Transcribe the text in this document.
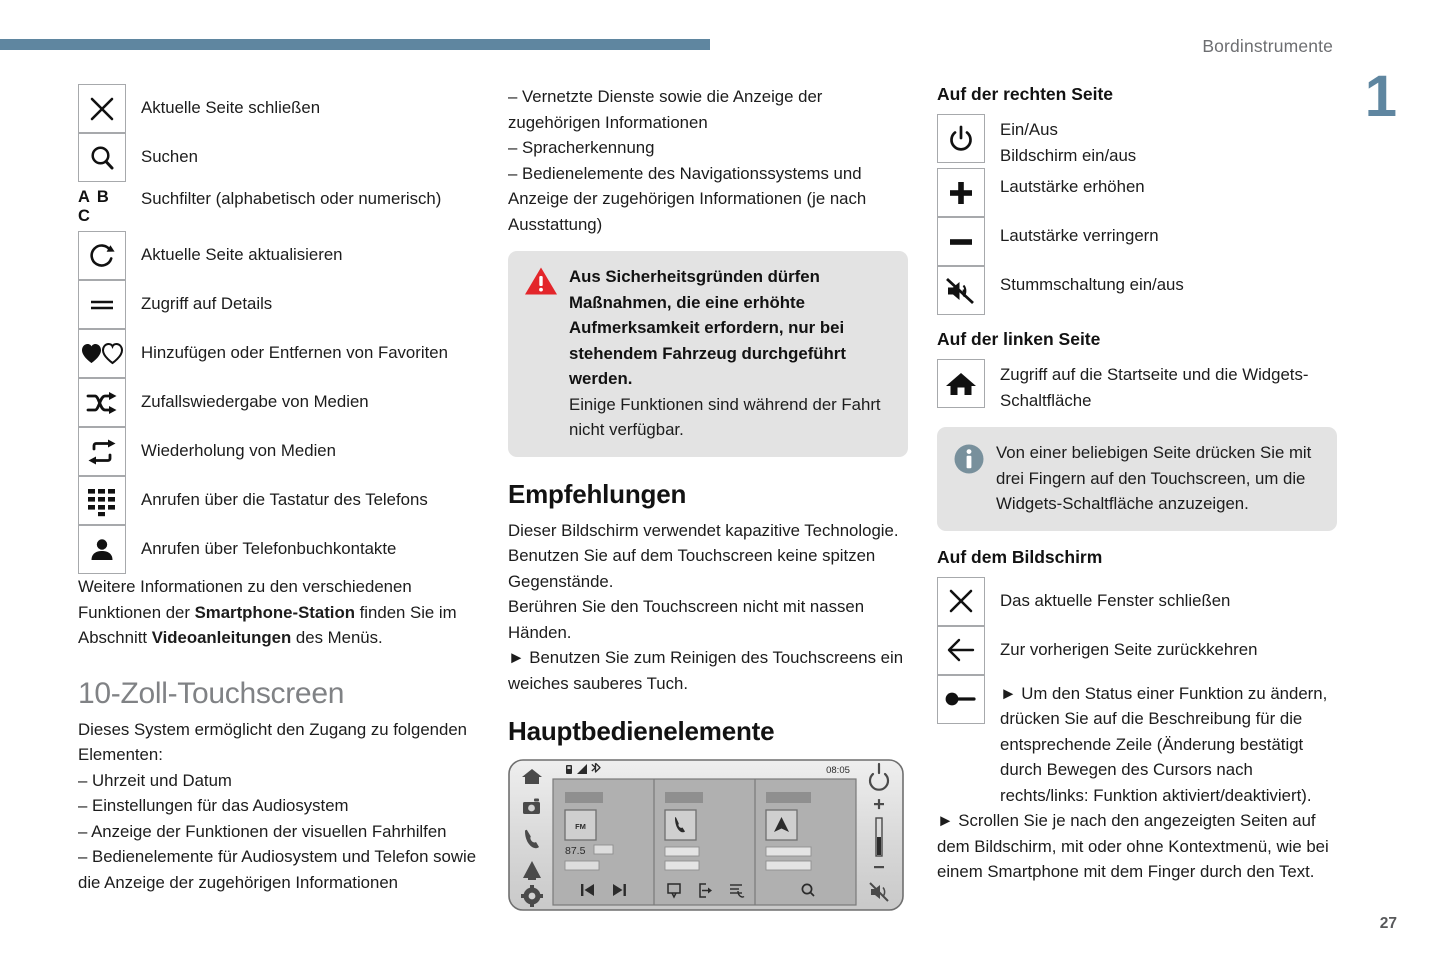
Bordinstrumente
1
27
Aktuelle Seite schließen
Suchen
A B C
Suchfilter (alphabetisch oder numerisch)
Aktuelle Seite aktualisieren
Zugriff auf Details
Hinzufügen oder Entfernen von Favoriten
Zufallswiedergabe von Medien
Wiederholung von Medien
Anrufen über die Tastatur des Telefons
Anrufen über Telefonbuchkontakte

Weitere Informationen zu den verschiedenen Funktionen der Smartphone-Station finden Sie im Abschnitt Videoanleitungen des Menüs.

10-Zoll-Touchscreen

Dieses System ermöglicht den Zugang zu folgenden Elementen:

– Uhrzeit und Datum

– Einstellungen für das Audiosystem

– Anzeige der Funktionen der visuellen Fahrhilfen

– Bedienelemente für Audiosystem und Telefon sowie die Anzeige der zugehörigen Informationen

– Vernetzte Dienste sowie die Anzeige der zugehörigen Informationen

– Spracherkennung

– Bedienelemente des Navigationssystems und Anzeige der zugehörigen Informationen (je nach Ausstattung)

Aus Sicherheitsgründen dürfen Maßnahmen, die eine erhöhte Aufmerksamkeit erfordern, nur bei stehendem Fahrzeug durchgeführt werden.
Einige Funktionen sind während der Fahrt nicht verfügbar.
Empfehlungen

Dieser Bildschirm verwendet kapazitive Technologie.

Benutzen Sie auf dem Touchscreen keine spitzen Gegenstände.

Berühren Sie den Touchscreen nicht mit nassen Händen.

► Benutzen Sie zum Reinigen des Touchscreens ein weiches sauberes Tuch.

Hauptbedienelemente
08:05
FM
87.5
Auf der rechten Seite
Ein/Aus
Bildschirm ein/aus
Lautstärke erhöhen
Lautstärke verringern
Stummschaltung ein/aus
Auf der linken Seite
Zugriff auf die Startseite und die Widgets-Schaltfläche
Von einer beliebigen Seite drücken Sie mit drei Fingern auf den Touchscreen, um die Widgets-Schaltfläche anzuzeigen.
Auf dem Bildschirm
Das aktuelle Fenster schließen
Zur vorherigen Seite zurückkehren
► Um den Status einer Funktion zu ändern, drücken Sie auf die Beschreibung für die entsprechende Zeile (Änderung bestätigt durch Bewegen des Cursors nach rechts/links: Funktion aktiviert/deaktiviert).

► Scrollen Sie je nach den angezeigten Seiten auf dem Bildschirm, mit oder ohne Kontextmenü, wie bei einem Smartphone mit dem Finger durch den Text.
